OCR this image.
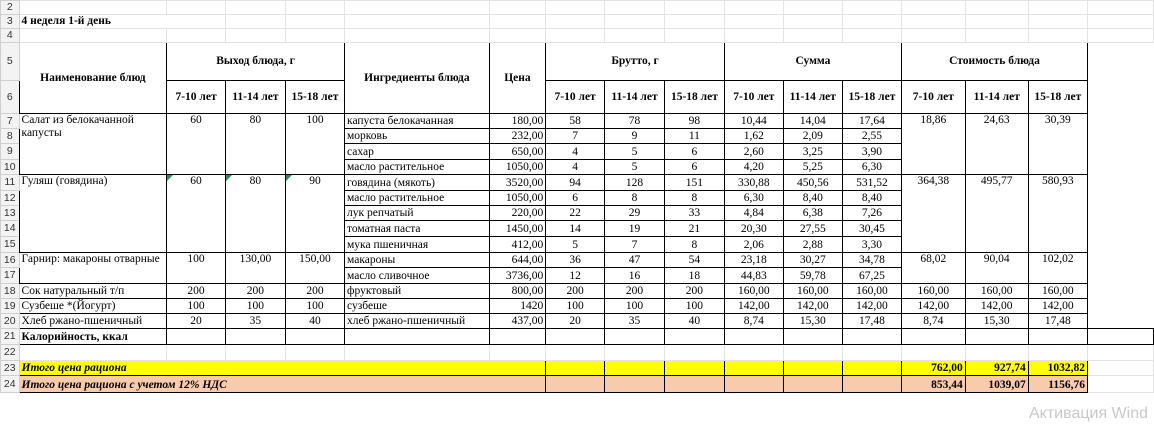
2																
3	4 неделя 1-й день															
4																
5	Наименование блюд	Выход блюда, г			Ингредиенты блюда	Цена	Брутто, г			Сумма			Стоимость блюда			
6		7-10 лет	11-14 лет	15-18 лет			7-10 лет	11-14 лет	15-18 лет	7-10 лет	11-14 лет	15-18 лет	7-10 лет	11-14 лет	15-18 лет	
7	Салат из белокачанной капусты	60	80	100	капуста белокачанная	180,00	58	78	98	10,44	14,04	17,64	18,86	24,63	30,39	
8					морковь	232,00	7	9	11	1,62	2,09	2,55				
9					сахар	650,00	4	5	6	2,60	3,25	3,90				
10					масло растительное	1050,00	4	5	6	4,20	5,25	6,30				
11	Гуляш (говядина)	60	80	90	говядина (мякоть)	3520,00	94	128	151	330,88	450,56	531,52	364,38	495,77	580,93	
12					масло растительное	1050,00	6	8	8	6,30	8,40	8,40				
13					лук репчатый	220,00	22	29	33	4,84	6,38	7,26				
14					томатная паста	1450,00	14	19	21	20,30	27,55	30,45				
15					мука пшеничная	412,00	5	7	8	2,06	2,88	3,30				
16	Гарнир: макароны отварные	100	130,00	150,00	макароны	644,00	36	47	54	23,18	30,27	34,78	68,02	90,04	102,02	
17					масло сливочное	3736,00	12	16	18	44,83	59,78	67,25				
18	Сок натуральный т/п	200	200	200	фруктовый	800,00	200	200	200	160,00	160,00	160,00	160,00	160,00	160,00	
19	Сузбеше *(Йогурт)	100	100	100	сузбеше	1420	100	100	100	142,00	142,00	142,00	142,00	142,00	142,00	
20	Хлеб ржано-пшеничный	20	35	40	хлеб ржано-пшеничный	437,00	20	35	40	8,74	15,30	17,48	8,74	15,30	17,48	
21	Калорийность, ккал															
22																
23	Итого цена рациона												762,00	927,74	1032,82	
24	Итого цена рациона с учетом 12% НДС												853,44	1039,07	1156,76	
Активация Wind
